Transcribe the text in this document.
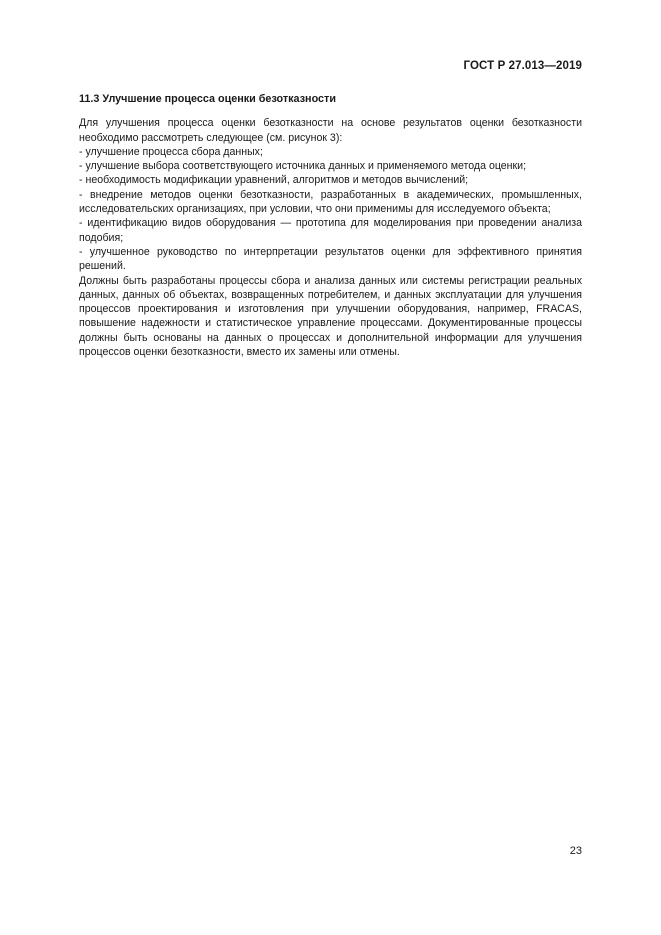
ГОСТ Р 27.013—2019

11.3 Улучшение процесса оценки безотказности

Для улучшения процесса оценки безотказности на основе результатов оценки безотказности необходимо рассмотреть следующее (см. рисунок 3):

- улучшение процесса сбора данных;
- улучшение выбора соответствующего источника данных и применяемого метода оценки;
- необходимость модификации уравнений, алгоритмов и методов вычислений;
- внедрение методов оценки безотказности, разработанных в академических, промышленных, исследовательских организациях, при условии, что они применимы для исследуемого объекта;
- идентификацию видов оборудования — прототипа для моделирования при проведении анализа подобия;
- улучшенное руководство по интерпретации результатов оценки для эффективного принятия решений.

Должны быть разработаны процессы сбора и анализа данных или системы регистрации реальных данных, данных об объектах, возвращенных потребителем, и данных эксплуатации для улучшения процессов проектирования и изготовления при улучшении оборудования, например, FRACAS, повышение надежности и статистическое управление процессами. Документированные процессы должны быть основаны на данных о процессах и дополнительной информации для улучшения процессов оценки безотказности, вместо их замены или отмены.

23
